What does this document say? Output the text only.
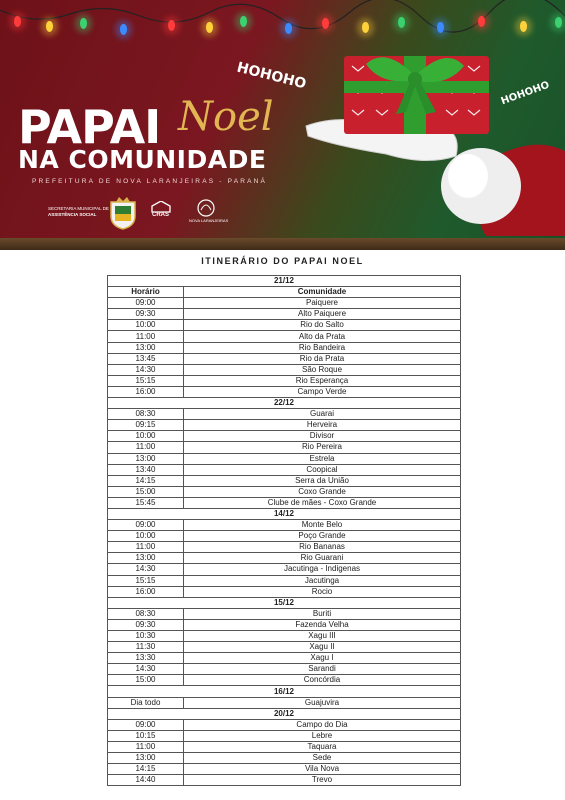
HOHOHO
HOHOHO
PAPAI Noel
NA COMUNIDADE
PREFEITURA DE NOVA LARANJEIRAS - PARANÁ
SECRETARIA MUNICIPAL DE

ASSISTÊNCIA SOCIAL	CRAS
NOVA LARANJEIRAS
ITINERÁRIO DO PAPAI NOEL
21/12	
Horário	Comunidade
09:00	Paiquere
09:30	Alto Paiquere
10:00	Rio do Salto
11:00	Alto da Prata
13:00	Rio Bandeira
13:45	Rio da Prata
14:30	São Roque
15:15	Rio Esperança
16:00	Campo Verde
22/12	
08:30	Guarai
09:15	Herveira
10:00	Divisor
11:00	Rio Pereira
13:00	Estrela
13:40	Coopical
14:15	Serra da União
15:00	Coxo Grande
15:45	Clube de mães - Coxo Grande
14/12	
09:00	Monte Belo
10:00	Poço Grande
11:00	Rio Bananas
13:00	Rio Guarani
14:30	Jacutinga - Indigenas
15:15	Jacutinga
16:00	Rocio
15/12	
08:30	Buriti
09:30	Fazenda Velha
10:30	Xagu III
11:30	Xagu II
13:30	Xagu I
14:30	Sarandi
15:00	Concórdia
16/12	
Dia todo	Guajuvira
20/12	
09:00	Campo do Dia
10:15	Lebre
11:00	Taquara
13:00	Sede
14:15	Vila Nova
14:40	Trevo
